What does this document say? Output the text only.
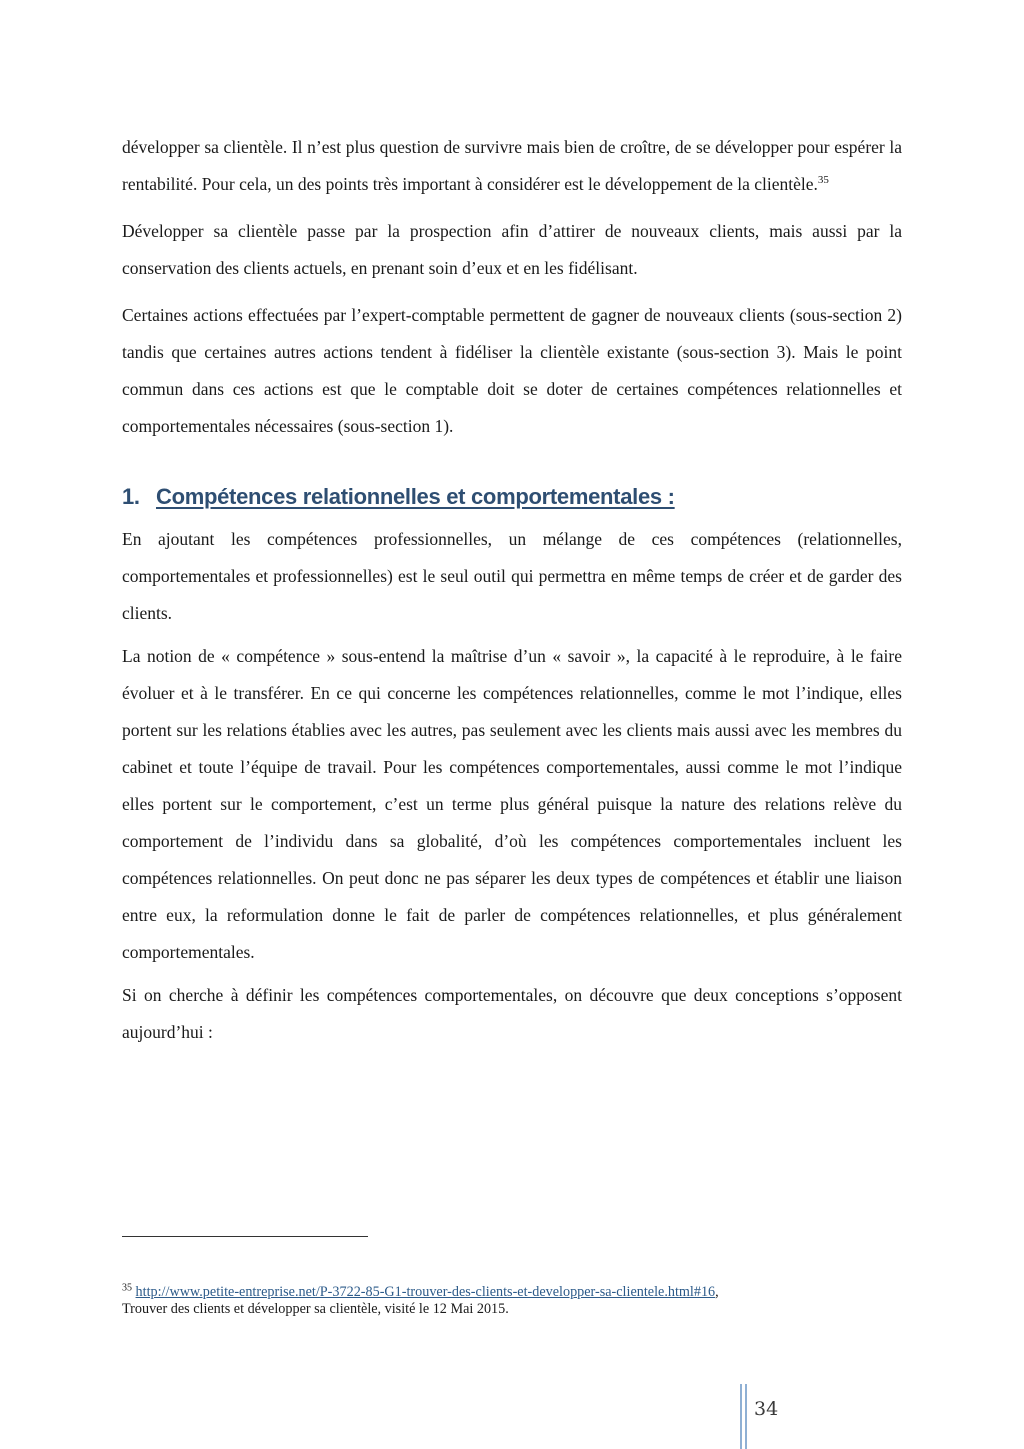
développer sa clientèle. Il n’est plus question de survivre mais bien de croître, de se développer pour espérer la rentabilité. Pour cela, un des points très important à considérer est le développement de la clientèle.$^{35}$

Développer sa clientèle passe par la prospection afin d’attirer de nouveaux clients, mais aussi par la conservation des clients actuels, en prenant soin d’eux et en les fidélisant.

Certaines actions effectuées par l’expert-comptable permettent de gagner de nouveaux clients (sous-section 2) tandis que certaines autres actions tendent à fidéliser la clientèle existante (sous-section 3). Mais le point commun dans ces actions est que le comptable doit se doter de certaines compétences relationnelles et comportementales nécessaires (sous-section 1).

1. Compétences relationnelles et comportementales :

En ajoutant les compétences professionnelles, un mélange de ces compétences (relationnelles, comportementales et professionnelles) est le seul outil qui permettra en même temps de créer et de garder des clients.

La notion de « compétence » sous-entend la maîtrise d’un « savoir », la capacité à le reproduire, à le faire évoluer et à le transférer. En ce qui concerne les compétences relationnelles, comme le mot l’indique, elles portent sur les relations établies avec les autres, pas seulement avec les clients mais aussi avec les membres du cabinet et toute l’équipe de travail. Pour les compétences comportementales, aussi comme le mot l’indique elles portent sur le comportement, c’est un terme plus général puisque la nature des relations relève du comportement de l’individu dans sa globalité, d’où les compétences comportementales incluent les compétences relationnelles. On peut donc ne pas séparer les deux types de compétences et établir une liaison entre eux, la reformulation donne le fait de parler de compétences relationnelles, et plus généralement comportementales.

Si on cherche à définir les compétences comportementales, on découvre que deux conceptions s’opposent aujourd’hui :

$^{35}$ http://www.petite-entreprise.net/P-3722-85-G1-trouver-des-clients-et-developper-sa-clientele.html#16,
Trouver des clients et développer sa clientèle, visité le 12 Mai 2015.
34
